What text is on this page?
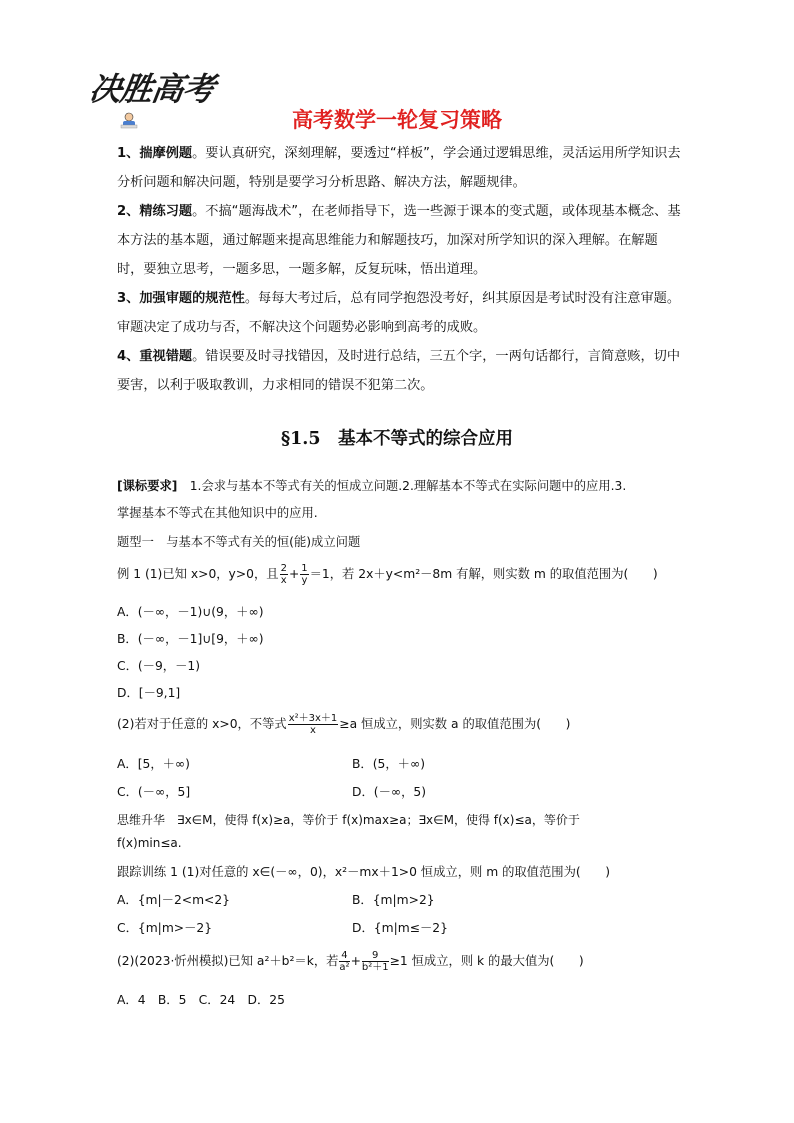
决胜高考
高考数学一轮复习策略
1、揣摩例题。要认真研究，深刻理解，要透过“样板”，学会通过逻辑思维，灵活运用所学知识去分析问题和解决问题，特别是要学习分析思路、解决方法，解题规律。
2、精练习题。不搞“题海战术”，在老师指导下，选一些源于课本的变式题，或体现基本概念、基本方法的基本题，通过解题来提高思维能力和解题技巧，加深对所学知识的深入理解。在解题时，要独立思考，一题多思，一题多解，反复玩味，悟出道理。
3、加强审题的规范性。每每大考过后，总有同学抱怨没考好，纠其原因是考试时没有注意审题。审题决定了成功与否，不解决这个问题势必影响到高考的成败。
4、重视错题。错误要及时寻找错因，及时进行总结，三五个字，一两句话都行，言简意赅，切中要害，以利于吸取教训，力求相同的错误不犯第二次。
§1.5　基本不等式的综合应用
[课标要求]　1.会求与基本不等式有关的恒成立问题.2.理解基本不等式在实际问题中的应用.3.
掌握基本不等式在其他知识中的应用.
题型一　与基本不等式有关的恒(能)成立问题
例 1 (1)已知 x>0，y>0，且 $\frac{2}{x} + \frac{1}{y} =1$，若 2x＋y<m²－8m 有解，则实数 m 的取值范围为(　　)
A．(－∞，－1)∪(9，＋∞)
B．(－∞，－1]∪[9，＋∞)
C．(－9，－1)
D．[－9,1]
(2)若对于任意的 x>0，不等式 $\frac{\text{x²＋3x＋1}}{x} \ge a$ 恒成立，则实数 a 的取值范围为(　　)
A．[5，＋∞)	B．(5，＋∞)
C．(－∞，5]	D．(－∞，5)
思维升华　∃x∈M，使得 f(x)≥a，等价于 f(x)max≥a；∃x∈M，使得 f(x)≤a，等价于
f(x)min≤a.
跟踪训练 1 (1)对任意的 x∈(－∞，0)，x²－mx＋1>0 恒成立，则 m 的取值范围为(　　)
A．{m|－2<m<2}	B．{m|m>2}
C．{m|m>－2}	D．{m|m≤－2}
(2)(2023·忻州模拟)已知 a²＋b²＝k，若 $\frac{4}{\text{a²}} + \frac{9}{\text{b²＋1}} \ge 1$ 恒成立，则 k 的最大值为(　　)
A．4　B．5　C．24　D．25
